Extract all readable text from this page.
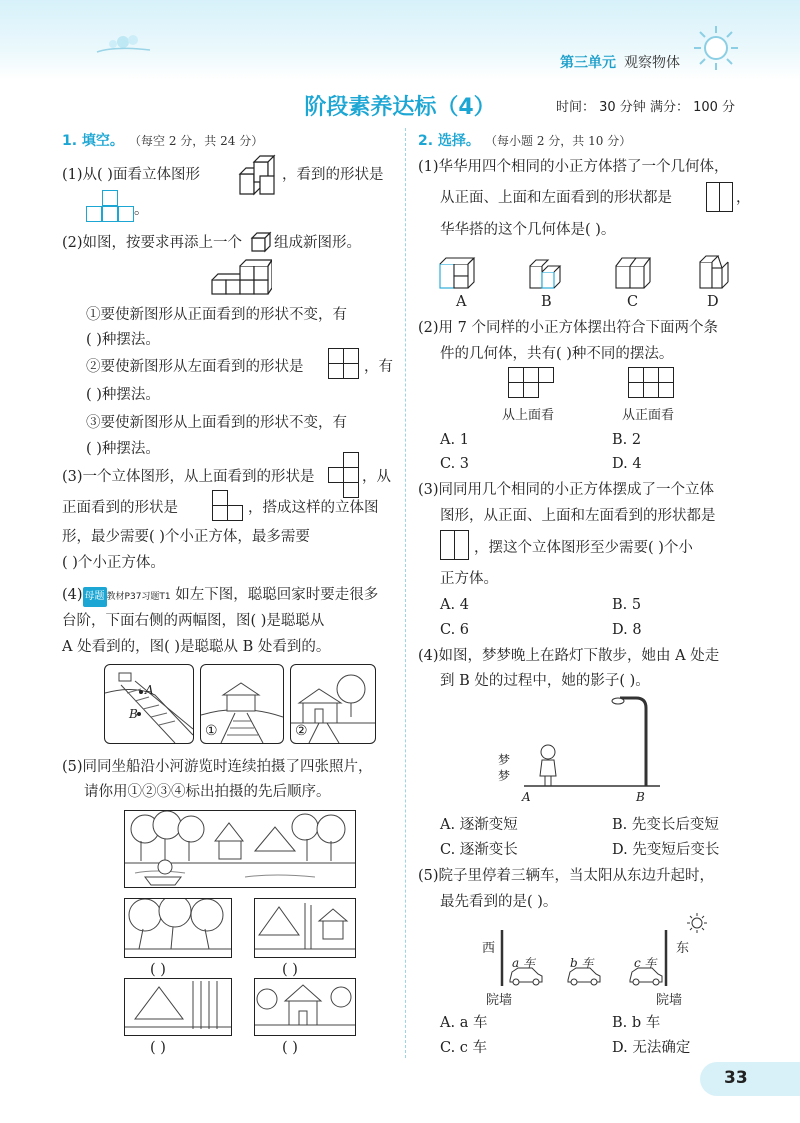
第三单元 观察物体
阶段素养达标（4）	时间： 30 分钟 满分： 100 分
1. 填空。 （每空 2 分，共 24 分）
(1)从( )面看立体图形	，看到的形状是
。
(2)如图，按要求再添上一个 组成新图形。
①要使新图形从正面看到的形状不变，有
( )种摆法。
②要使新图形从左面看到的形状是	，有
( )种摆法。
③要使新图形从上面看到的形状不变，有
( )种摆法。
(3)一个立体图形，从上面看到的形状是	，从
正面看到的形状是	，搭成这样的立体图
形，最少需要( )个小正方体，最多需要
( )个小正方体。
(4) 母题 教材P37习题T1 如左下图，聪聪回家时要走很多
台阶，下面右侧的两幅图，图( )是聪聪从
A 处看到的，图( )是聪聪从 B 处看到的。
A
B
①	②
(5)同同坐船沿小河游览时连续拍摄了四张照片，
请你用①②③④标出拍摄的先后顺序。
( )	( )
( )	( )
2. 选择。 （每小题 2 分，共 10 分）
(1)华华用四个相同的小正方体搭了一个几何体，
从正面、上面和左面看到的形状都是	，
华华搭的这个几何体是( )。
A	B	C	D
(2)用 7 个同样的小正方体摆出符合下面两个条
件的几何体，共有( )种不同的摆法。
从上面看	从正面看
A. 1	B. 2
C. 3	D. 4
(3)同同用几个相同的小正方体摆成了一个立体
图形，从正面、上面和左面看到的形状都是
，摆这个立体图形至少需要( )个小
正方体。
A. 4	B. 5
C. 6	D. 8
(4)如图，梦梦晚上在路灯下散步，她由 A 处走
到 B 处的过程中，她的影子( )。
梦梦
A	B
A. 逐渐变短	B. 先变长后变短
C. 逐渐变长	D. 先变短后变长
(5)院子里停着三辆车，当太阳从东边升起时，
最先看到的是( )。
西	东
a 车	b 车	c 车
院墙	院墙
A. a 车	B. b 车
C. c 车	D. 无法确定
33
